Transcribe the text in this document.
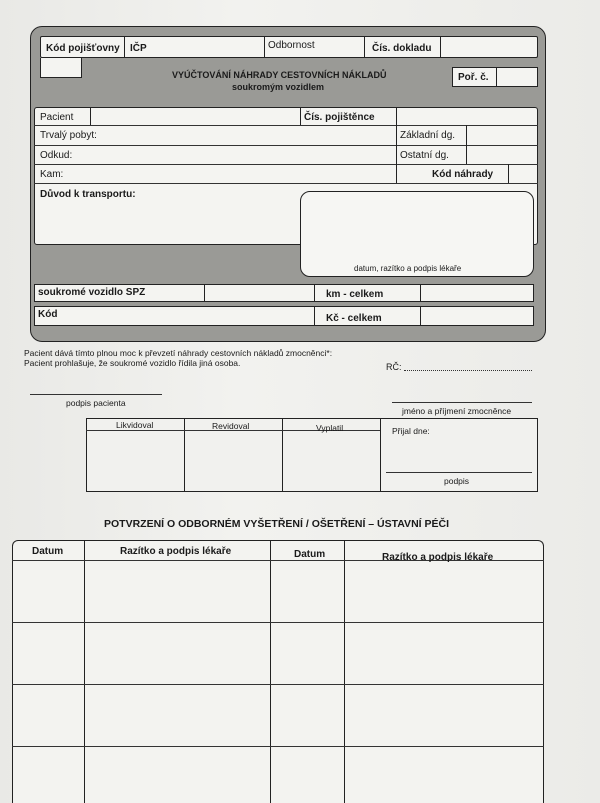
Kód pojišťovny IČP	Odbornost	Čís. dokladu
VYÚČTOVÁNÍ NÁHRADY CESTOVNÍCH NÁKLADŮ
soukromým vozidlem
Poř. č.
Pacient	Čís. pojištěnce
Trvalý pobyt:	Základní dg.
Odkud:	Ostatní dg.
Kam:	Kód náhrady
Důvod k transportu:
datum, razítko a podpis lékaře
soukromé vozidlo SPZ	km - celkem
Kód	Kč - celkem
Pacient dává tímto plnou moc k převzetí náhrady cestovních nákladů zmocněnci*:
Pacient prohlašuje, že soukromé vozidlo řídila jiná osoba.	RČ:
podpis pacienta
jméno a příjmení zmocněnce
Likvidoval	Revidoval	Vyplatil	Přijal dne:
podpis
POTVRZENÍ O ODBORNÉM VYŠETŘENÍ / OŠETŘENÍ – ÚSTAVNÍ PÉČI
Datum	Razítko a podpis lékaře	Datum	Razítko a podpis lékaře
